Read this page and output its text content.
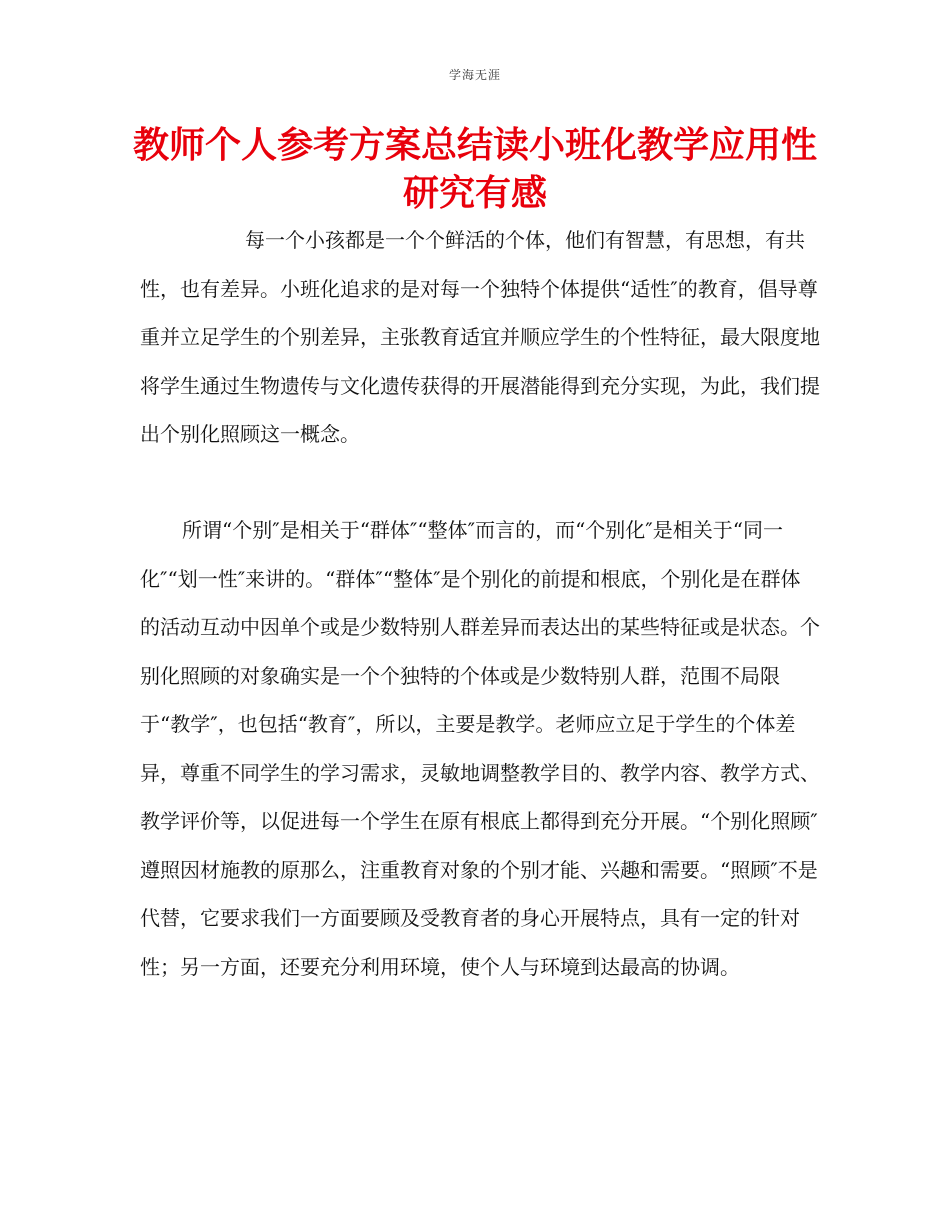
学海无涯
教师个人参考方案总结读小班化教学应用性研究有感

每一个小孩都是一个个鲜活的个体，他们有智慧，有思想，有共性，也有差异。小班化追求的是对每一个独特个体提供“适性″的教育，倡导尊重并立足学生的个别差异，主张教育适宜并顺应学生的个性特征，最大限度地将学生通过生物遗传与文化遗传获得的开展潜能得到充分实现，为此，我们提出个别化照顾这一概念。

所谓“个别″是相关于“群体″“整体″而言的，而“个别化″是相关于“同一化″“划一性″来讲的。“群体″“整体″是个别化的前提和根底，个别化是在群体的活动互动中因单个或是少数特别人群差异而表达出的某些特征或是状态。个别化照顾的对象确实是一个个独特的个体或是少数特别人群，范围不局限于“教学″，也包括“教育″，所以，主要是教学。老师应立足于学生的个体差异，尊重不同学生的学习需求，灵敏地调整教学目的、教学内容、教学方式、教学评价等，以促进每一个学生在原有根底上都得到充分开展。“个别化照顾″遵照因材施教的原那么，注重教育对象的个别才能、兴趣和需要。“照顾″不是代替，它要求我们一方面要顾及受教育者的身心开展特点，具有一定的针对性；另一方面，还要充分利用环境，使个人与环境到达最高的协调。
